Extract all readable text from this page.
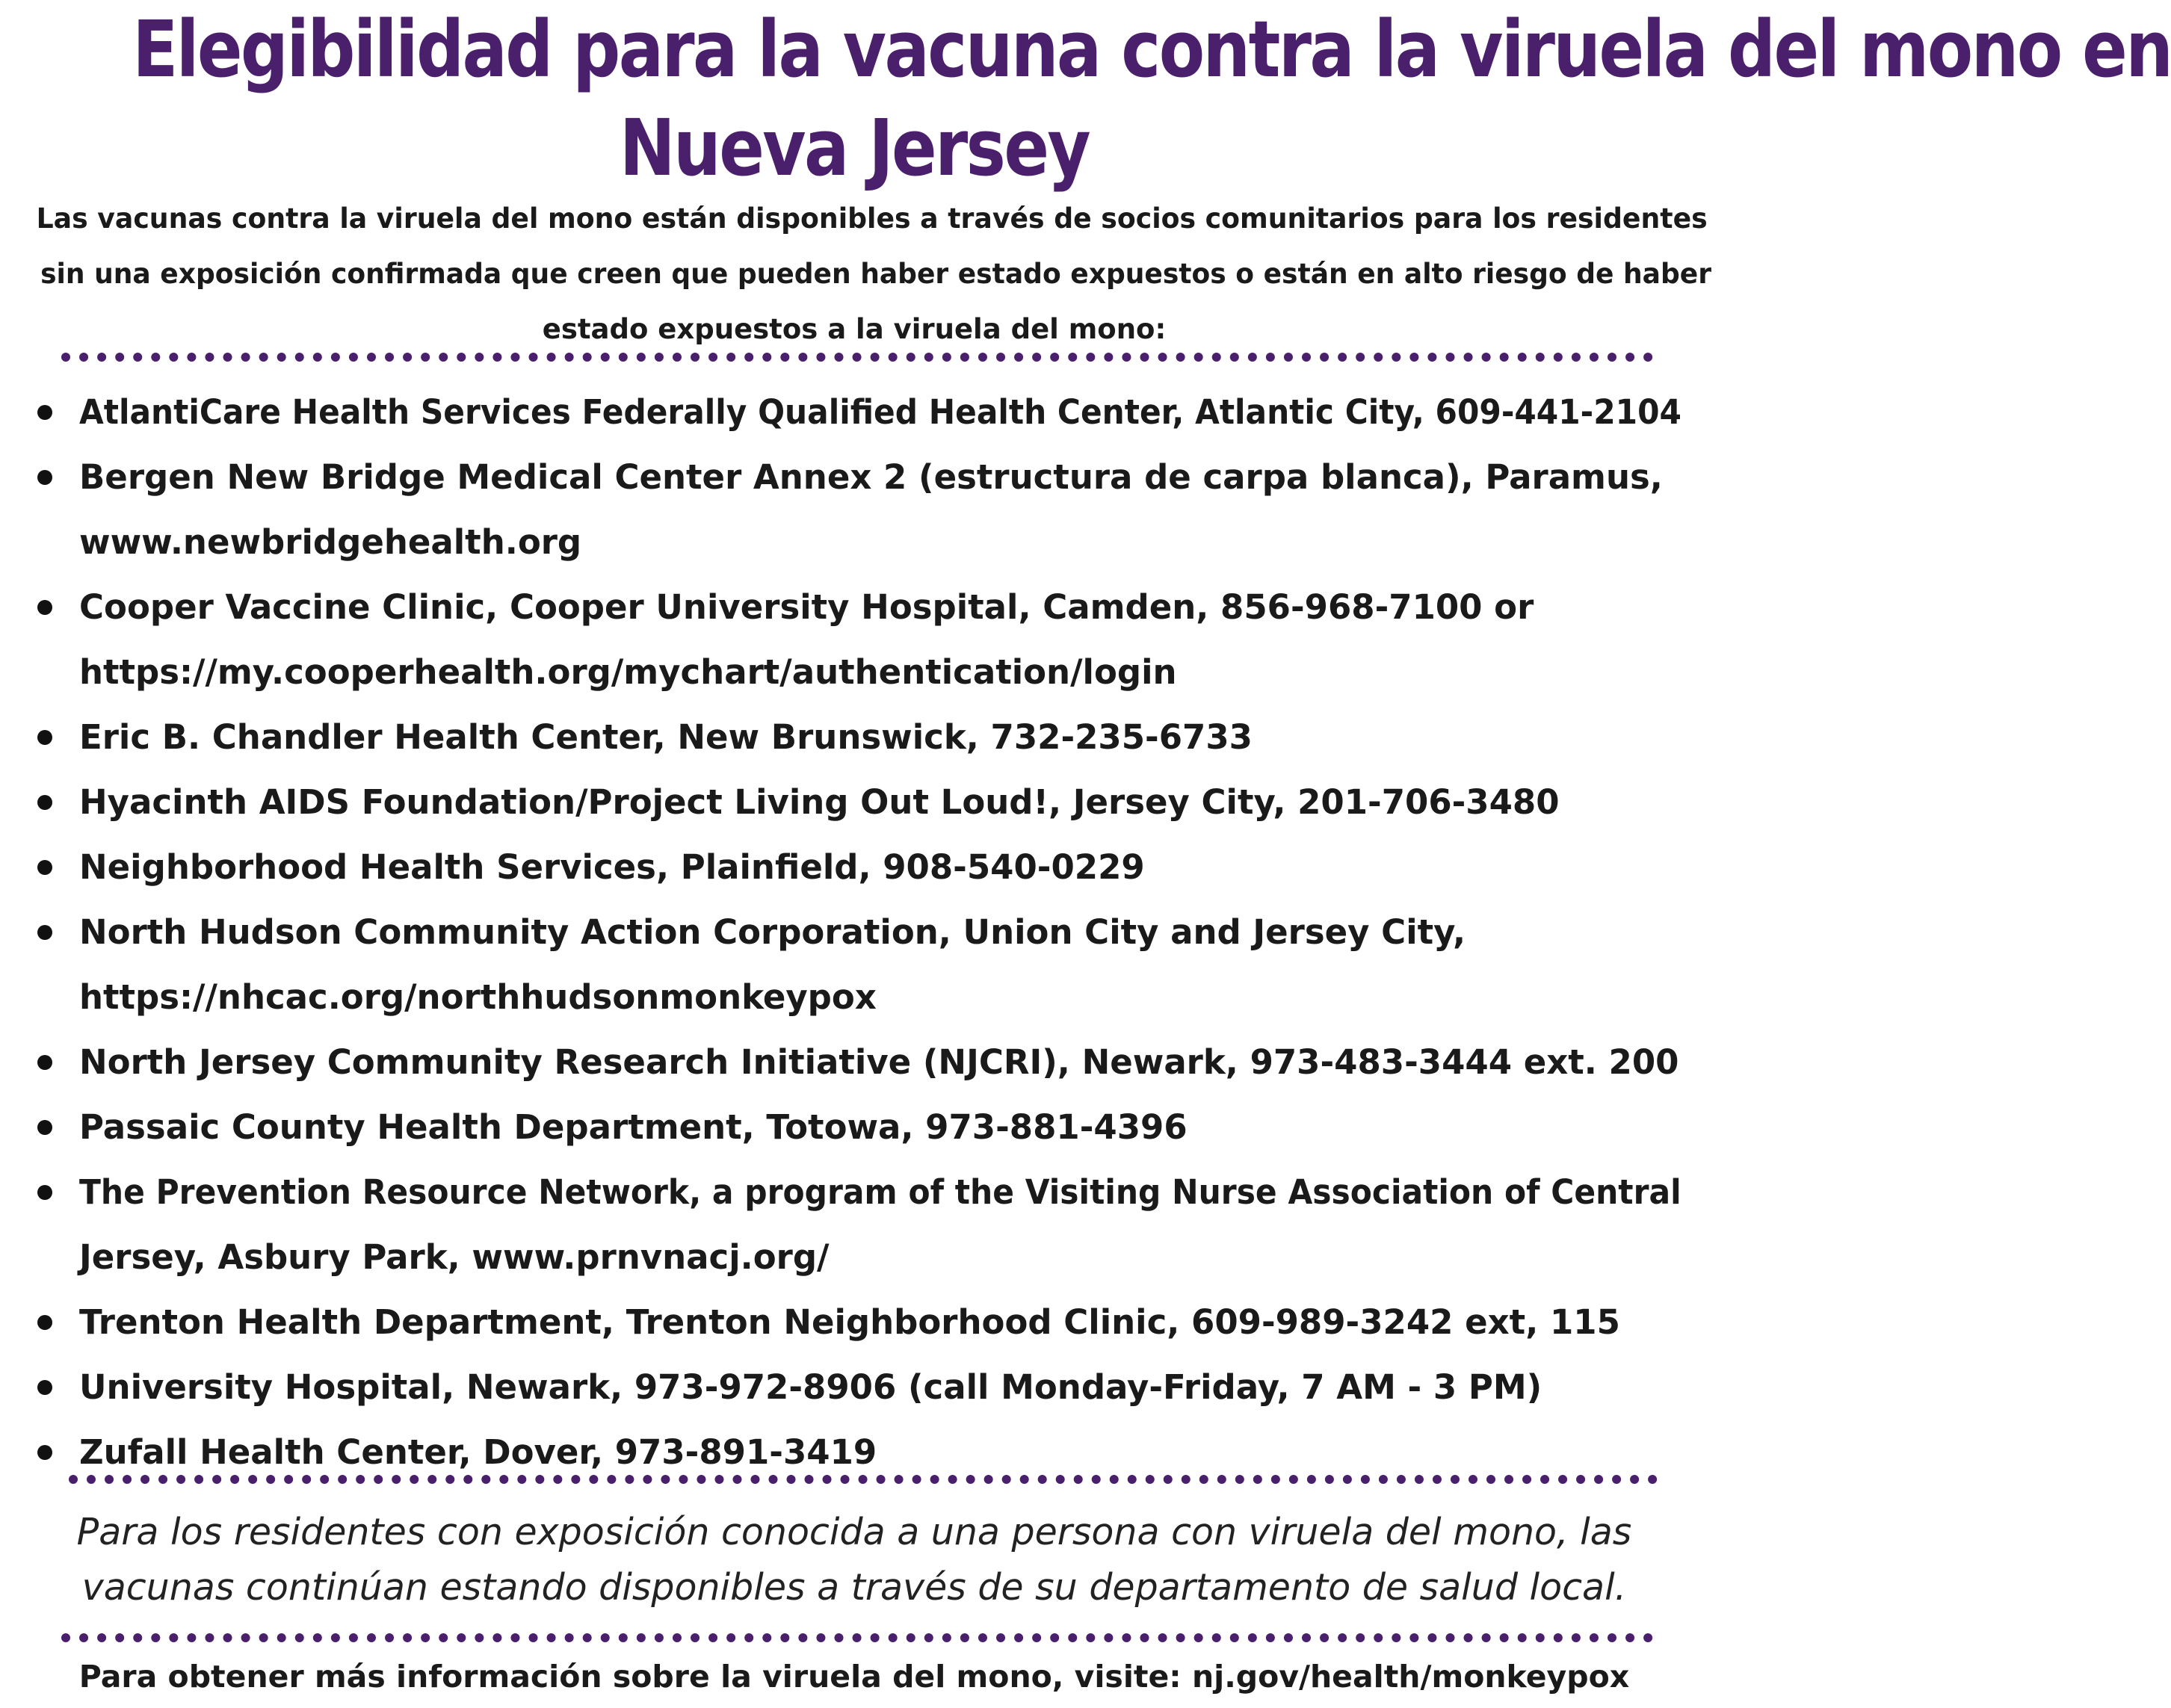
Elegibilidad para la vacuna contra la viruela del mono en
Nueva Jersey
Las vacunas contra la viruela del mono están disponibles a través de socios comunitarios para los residentes
sin una exposición confirmada que creen que pueden haber estado expuestos o están en alto riesgo de haber
estado expuestos a la viruela del mono:
AtlantiCare Health Services Federally Qualified Health Center, Atlantic City, 609-441-2104
Bergen New Bridge Medical Center Annex 2 (estructura de carpa blanca), Paramus,
www.newbridgehealth.org
Cooper Vaccine Clinic, Cooper University Hospital, Camden, 856-968-7100 or
https://my.cooperhealth.org/mychart/authentication/login
Eric B. Chandler Health Center, New Brunswick, 732-235-6733
Hyacinth AIDS Foundation/Project Living Out Loud!, Jersey City, 201-706-3480
Neighborhood Health Services, Plainfield, 908-540-0229
North Hudson Community Action Corporation, Union City and Jersey City,
https://nhcac.org/northhudsonmonkeypox
North Jersey Community Research Initiative (NJCRI), Newark, 973-483-3444 ext. 200
Passaic County Health Department, Totowa, 973-881-4396
The Prevention Resource Network, a program of the Visiting Nurse Association of Central
Jersey, Asbury Park, www.prnvnacj.org/
Trenton Health Department, Trenton Neighborhood Clinic, 609-989-3242 ext, 115
University Hospital, Newark, 973-972-8906 (call Monday-Friday, 7 AM - 3 PM)
Zufall Health Center, Dover, 973-891-3419
Para los residentes con exposición conocida a una persona con viruela del mono, las
vacunas continúan estando disponibles a través de su departamento de salud local.
Para obtener más información sobre la viruela del mono, visite: nj.gov/health/monkeypox
